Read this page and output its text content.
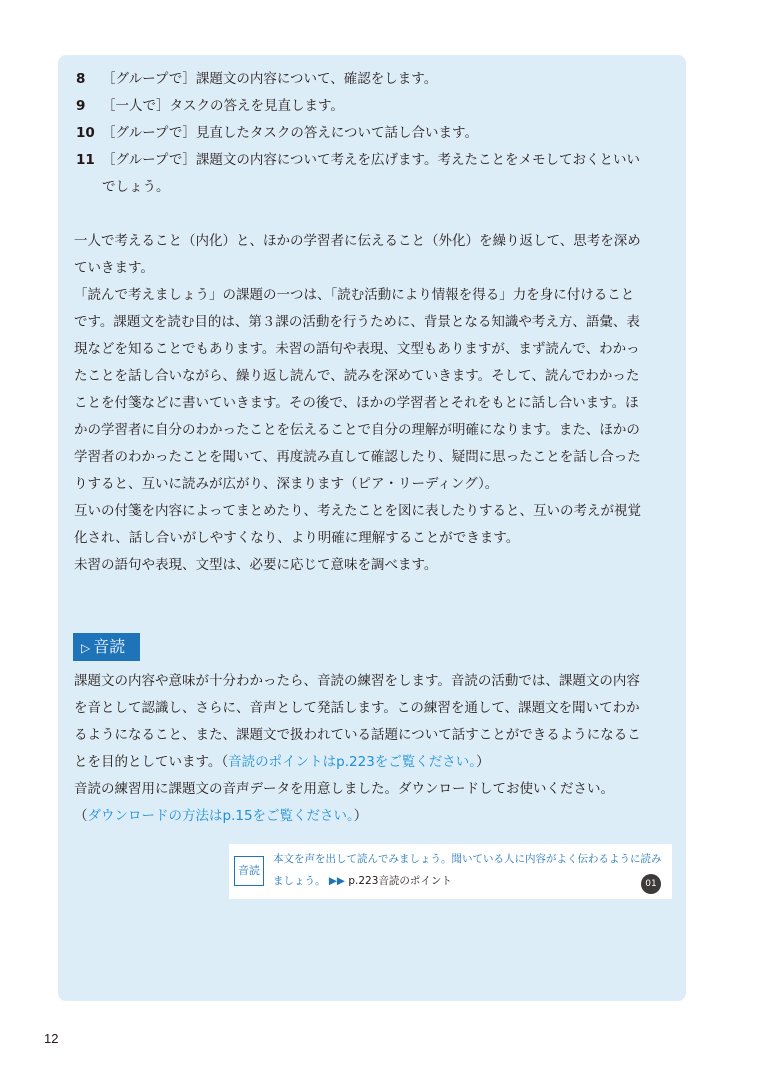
8 ［グループで］課題文の内容について、確認をします。
9 ［一人で］タスクの答えを見直します。
10 ［グループで］見直したタスクの答えについて話し合います。
11 ［グループで］課題文の内容について考えを広げます。考えたことをメモしておくといい
でしょう。

一人で考えること（内化）と、ほかの学習者に伝えること（外化）を繰り返して、思考を深め

ていきます。

「読んで考えましょう」の課題の一つは、「読む活動により情報を得る」力を身に付けること

です。課題文を読む目的は、第３課の活動を行うために、背景となる知識や考え方、語彙、表

現などを知ることでもあります。未習の語句や表現、文型もありますが、まず読んで、わかっ

たことを話し合いながら、繰り返し読んで、読みを深めていきます。そして、読んでわかった

ことを付箋などに書いていきます。その後で、ほかの学習者とそれをもとに話し合います。ほ

かの学習者に自分のわかったことを伝えることで自分の理解が明確になります。また、ほかの

学習者のわかったことを聞いて、再度読み直して確認したり、疑問に思ったことを話し合った

りすると、互いに読みが広がり、深まります（ピア・リーディング）。

互いの付箋を内容によってまとめたり、考えたことを図に表したりすると、互いの考えが視覚

化され、話し合いがしやすくなり、より明確に理解することができます。

未習の語句や表現、文型は、必要に応じて意味を調べます。

▷ 音読

課題文の内容や意味が十分わかったら、音読の練習をします。音読の活動では、課題文の内容

を音として認識し、さらに、音声として発話します。この練習を通して、課題文を聞いてわか

るようになること、また、課題文で扱われている話題について話すことができるようになるこ

とを目的としています。（音読のポイントはp.223をご覧ください。）

音読の練習用に課題文の音声データを用意しました。ダウンロードしてお使いください。

（ダウンロードの方法はp.15をご覧ください。）

音読
本文を声を出して読んでみましょう。聞いている人に内容がよく伝わるように読み
ましょう。 ▶▶ p.223音読のポイント	01
12
